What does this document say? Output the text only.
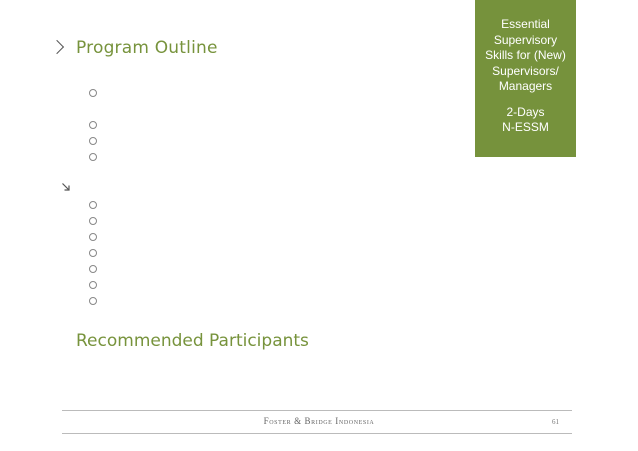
Program Outline
Recommended Participants
Essential
Supervisory
Skills for (New)
Supervisors/
Managers
2-Days
N-ESSM
Foster & Bridge Indonesia	61
